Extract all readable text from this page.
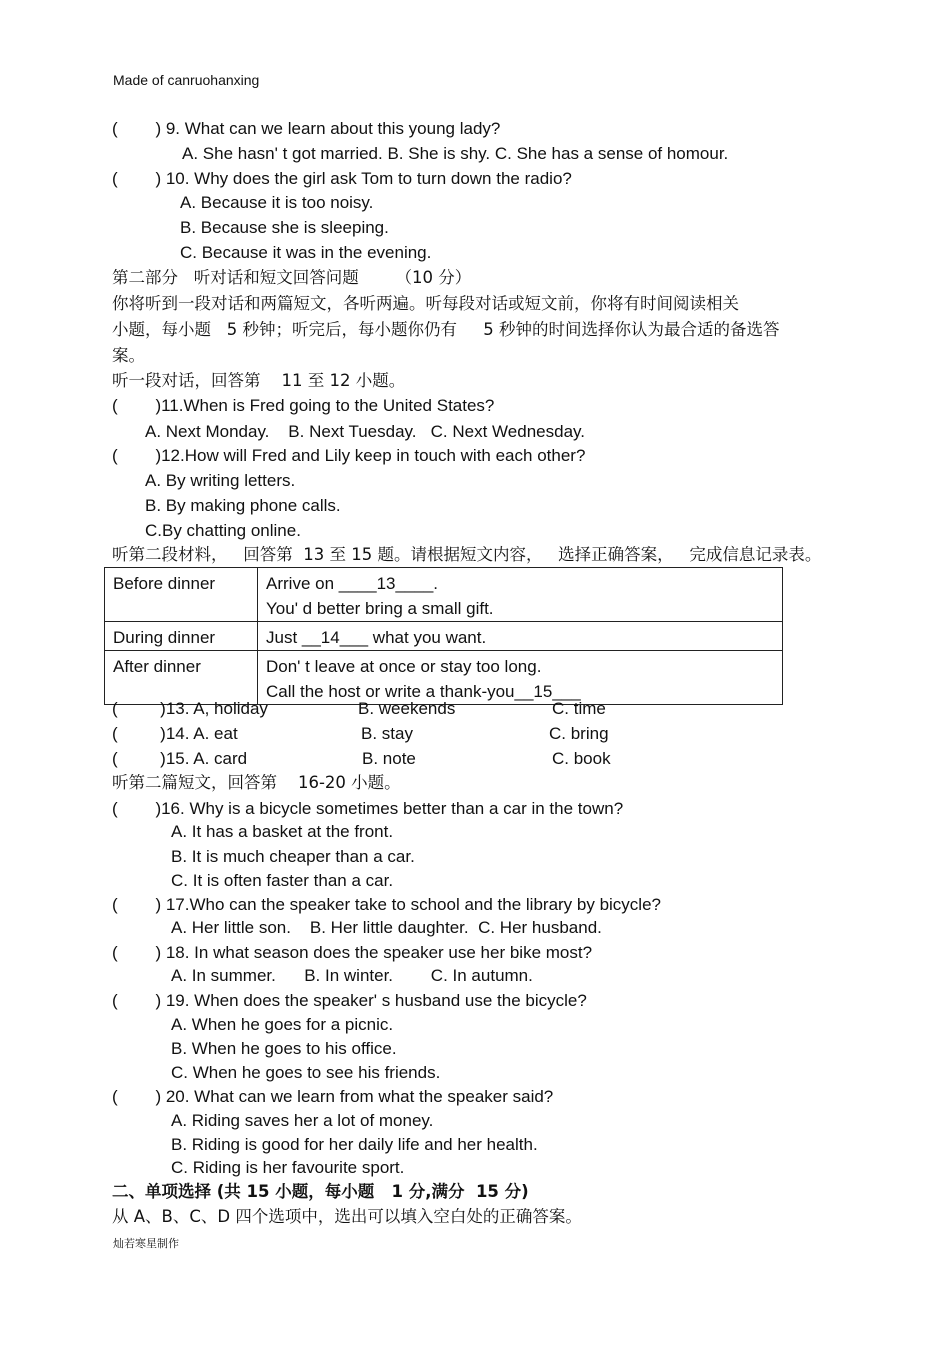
Made of canruohanxing
(        ) 9. What can we learn about this young lady?
A. She hasn' t got married. B. She is shy. C. She has a sense of homour.
(        ) 10. Why does the girl ask Tom to turn down the radio?
A. Because it is too noisy.
B. Because she is sleeping.
C. Because it was in the evening.
第二部分   听对话和短文回答问题       （10 分）
你将听到一段对话和两篇短文，各听两遍。听每段对话或短文前，你将有时间阅读相关
小题，每小题   5 秒钟；听完后，每小题你仍有     5 秒钟的时间选择你认为最合适的备选答
案。
听一段对话，回答第    11 至 12 小题。
(        )11.When is Fred going to the United States?
A. Next Monday.    B. Next Tuesday.   C. Next Wednesday.
(        )12.How will Fred and Lily keep in touch with each other?
A. By writing letters.
B. By making phone calls.
C.By chatting online.
听第二段材料，   回答第  13 至 15 题。请根据短文内容，   选择正确答案，   完成信息记录表。
Before dinner	Arrive on ____13____.
You' d better bring a small gift.

During dinner	Just __14___ what you want.

After dinner	Don' t leave at once or stay too long.
Call the host or write a thank-you__15___
(         )13. A, holiday	B. weekends	C. time
(         )14. A. eat	B. stay	C. bring
(         )15. A. card	B. note	C. book
听第二篇短文，回答第    16-20 小题。
(        )16. Why is a bicycle sometimes better than a car in the town?
A. It has a basket at the front.
B. It is much cheaper than a car.
C. It is often faster than a car.
(        ) 17.Who can the speaker take to school and the library by bicycle?
A. Her little son.    B. Her little daughter.  C. Her husband.
(        ) 18. In what season does the speaker use her bike most?
A. In summer.      B. In winter.        C. In autumn.
(        ) 19. When does the speaker' s husband use the bicycle?
A. When he goes for a picnic.
B. When he goes to his office.
C. When he goes to see his friends.
(        ) 20. What can we learn from what the speaker said?
A. Riding saves her a lot of money.
B. Riding is good for her daily life and her health.
C. Riding is her favourite sport.
二、单项选择 (共 15 小题，每小题   1 分,满分  15 分)
从 A、B、C、D 四个选项中，选出可以填入空白处的正确答案。
灿若寒星制作
